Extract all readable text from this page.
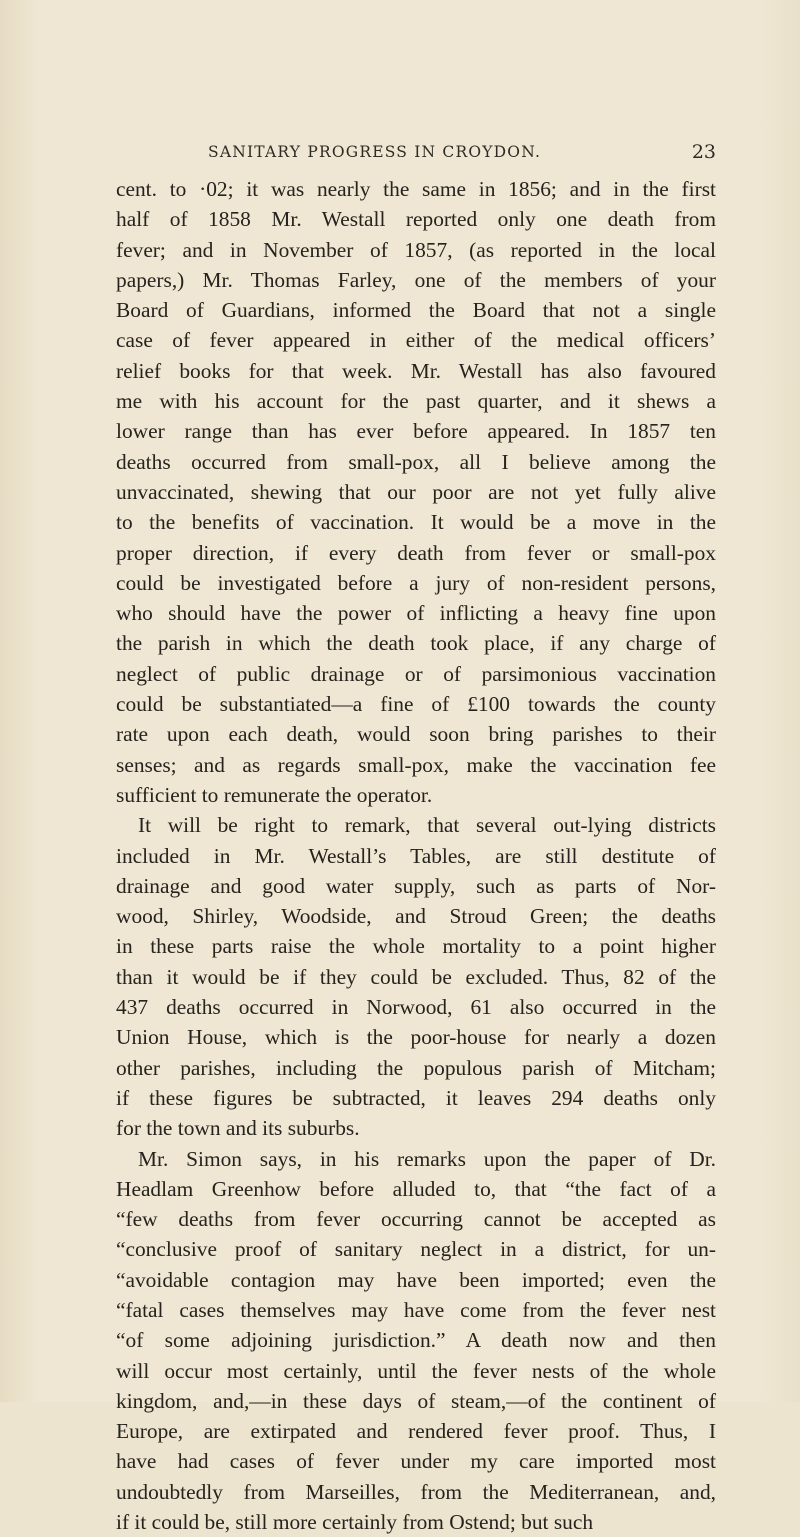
SANITARY PROGRESS IN CROYDON.	23
cent. to ·02; it was nearly the same in 1856; and in the first
half of 1858 Mr. Westall reported only one death from
fever; and in November of 1857, (as reported in the local
papers,) Mr. Thomas Farley, one of the members of your
Board of Guardians, informed the Board that not a single
case of fever appeared in either of the medical officers’
relief books for that week. Mr. Westall has also favoured
me with his account for the past quarter, and it shews a
lower range than has ever before appeared. In 1857 ten
deaths occurred from small-pox, all I believe among the
unvaccinated, shewing that our poor are not yet fully alive
to the benefits of vaccination. It would be a move in the
proper direction, if every death from fever or small-pox
could be investigated before a jury of non-resident persons,
who should have the power of inflicting a heavy fine upon
the parish in which the death took place, if any charge of
neglect of public drainage or of parsimonious vaccination
could be substantiated—a fine of £100 towards the county
rate upon each death, would soon bring parishes to their
senses; and as regards small-pox, make the vaccination fee
sufficient to remunerate the operator.
It will be right to remark, that several out-lying districts
included in Mr. Westall’s Tables, are still destitute of
drainage and good water supply, such as parts of Nor-
wood, Shirley, Woodside, and Stroud Green; the deaths
in these parts raise the whole mortality to a point higher
than it would be if they could be excluded. Thus, 82 of the
437 deaths occurred in Norwood, 61 also occurred in the
Union House, which is the poor-house for nearly a dozen
other parishes, including the populous parish of Mitcham;
if these figures be subtracted, it leaves 294 deaths only
for the town and its suburbs.
Mr. Simon says, in his remarks upon the paper of Dr.
Headlam Greenhow before alluded to, that “the fact of a
“few deaths from fever occurring cannot be accepted as
“conclusive proof of sanitary neglect in a district, for un-
“avoidable contagion may have been imported; even the
“fatal cases themselves may have come from the fever nest
“of some adjoining jurisdiction.” A death now and then
will occur most certainly, until the fever nests of the whole
kingdom, and,—in these days of steam,—of the continent of
Europe, are extirpated and rendered fever proof. Thus, I
have had cases of fever under my care imported most
undoubtedly from Marseilles, from the Mediterranean, and,
if it could be, still more certainly from Ostend; but such
